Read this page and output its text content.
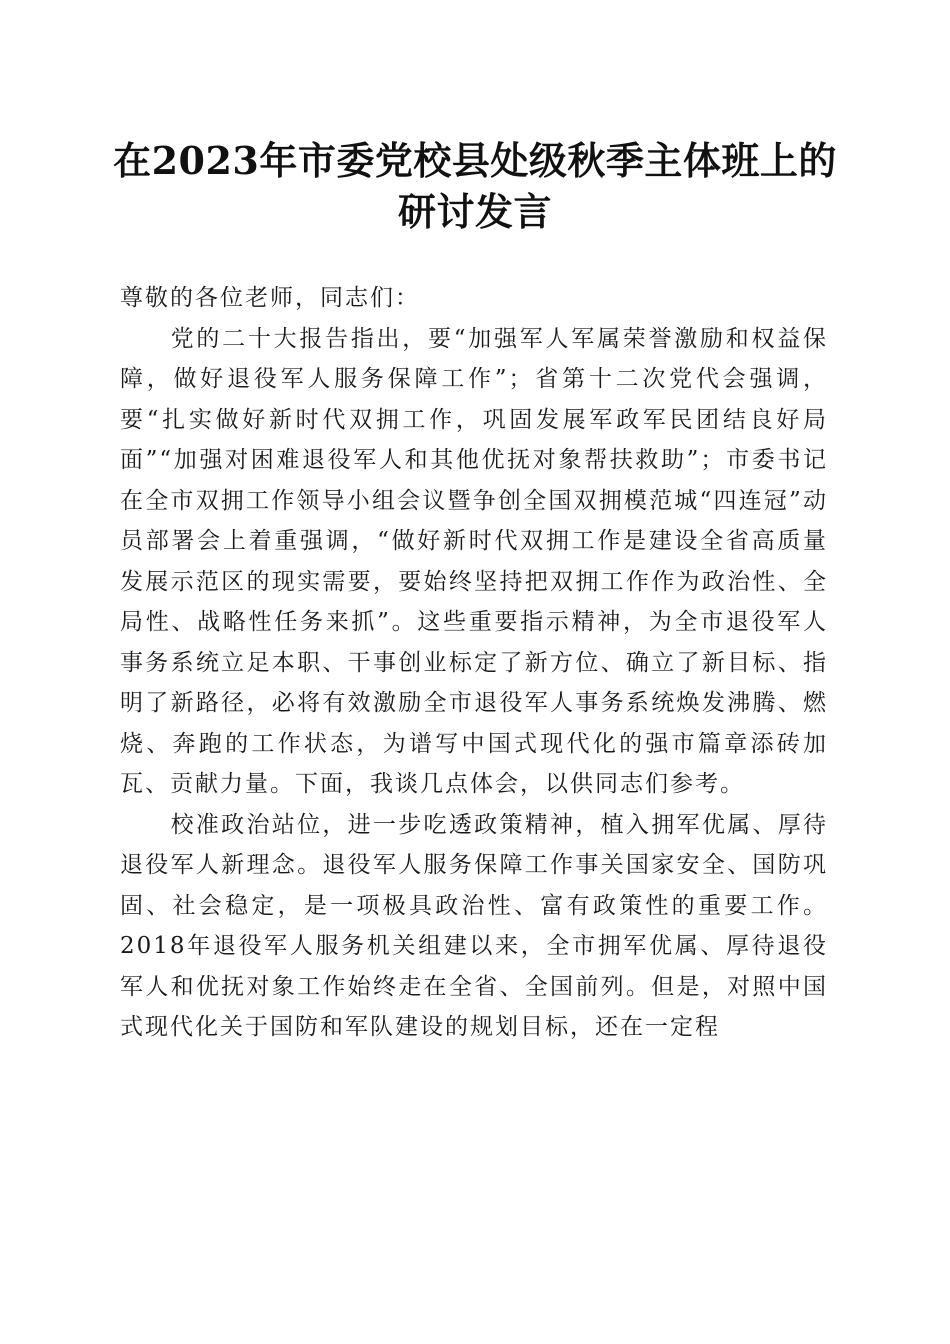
在2023年市委党校县处级秋季主体班上的研讨发言

尊敬的各位老师，同志们：

党的二十大报告指出，要“加强军人军属荣誉激励和权益保障，做好退役军人服务保障工作”；省第十二次党代会强调，要“扎实做好新时代双拥工作，巩固发展军政军民团结良好局面”“加强对困难退役军人和其他优抚对象帮扶救助”；市委书记在全市双拥工作领导小组会议暨争创全国双拥模范城“四连冠”动员部署会上着重强调，“做好新时代双拥工作是建设全省高质量发展示范区的现实需要，要始终坚持把双拥工作作为政治性、全局性、战略性任务来抓”。这些重要指示精神，为全市退役军人事务系统立足本职、干事创业标定了新方位、确立了新目标、指明了新路径，必将有效激励全市退役军人事务系统焕发沸腾、燃烧、奔跑的工作状态，为谱写中国式现代化的强市篇章添砖加瓦、贡献力量。下面，我谈几点体会，以供同志们参考。

校准政治站位，进一步吃透政策精神，植入拥军优属、厚待退役军人新理念。退役军人服务保障工作事关国家安全、国防巩固、社会稳定，是一项极具政治性、富有政策性的重要工作。2018年退役军人服务机关组建以来，全市拥军优属、厚待退役军人和优抚对象工作始终走在全省、全国前列。但是，对照中国式现代化关于国防和军队建设的规划目标，还在一定程
